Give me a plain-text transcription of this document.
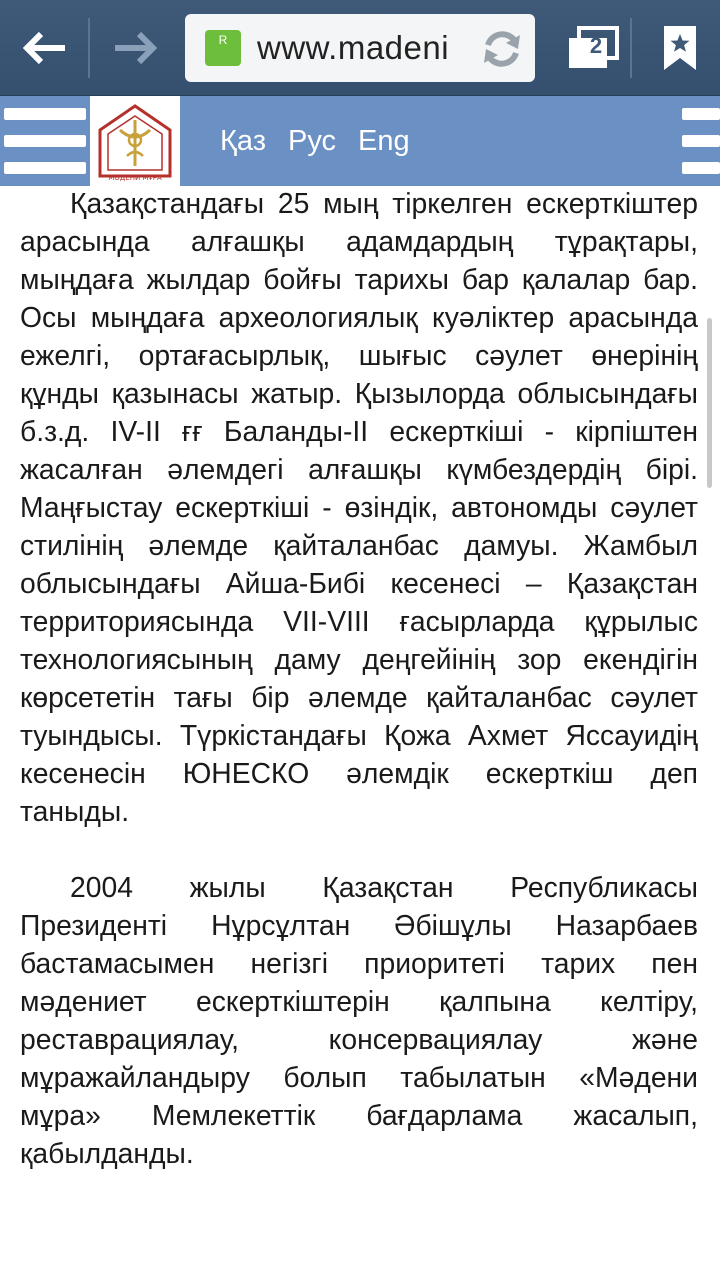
R www.madeni	2
МӘДЕНИ МҰРА
Қаз Рус Eng

Қазақстандағы 25 мың тіркелген ескерткіштер арасында алғашқы адамдардың тұрақтары, мыңдаға жылдар бойғы тарихы бар қалалар бар. Осы мыңдаға археологиялық куәліктер арасында ежелгі, ортағасырлық, шығыс сәулет өнерінің құнды қазынасы жатыр. Қызылорда облысындағы б.з.д. IV-II ғғ Баланды-II ескерткіші - кірпіштен жасалған әлемдегі алғашқы күмбездердің бірі. Маңғыстау ескерткіші - өзіндік, автономды сәулет стилінің әлемде қайталанбас дамуы. Жамбыл облысындағы Айша-Бибі кесенесі – Қазақстан территориясында VII-VIII ғасырларда құрылыс технологиясының даму деңгейінің зор екендігін көрсететін тағы бір әлемде қайталанбас сәулет туындысы. Түркістандағы Қожа Ахмет Яссауидің кесенесін ЮНЕСКО әлемдік ескерткіш деп таныды.

2004 жылы Қазақстан Республикасы Президенті Нұрсұлтан Әбішұлы Назарбаев бастамасымен негізгі приоритеті тарих пен мәдениет ескерткіштерін қалпына келтіру, реставрациялау, консервациялау және мұражайландыру болып табылатын «Мәдени мұра» Мемлекеттік бағдарлама жасалып, қабылданды.
